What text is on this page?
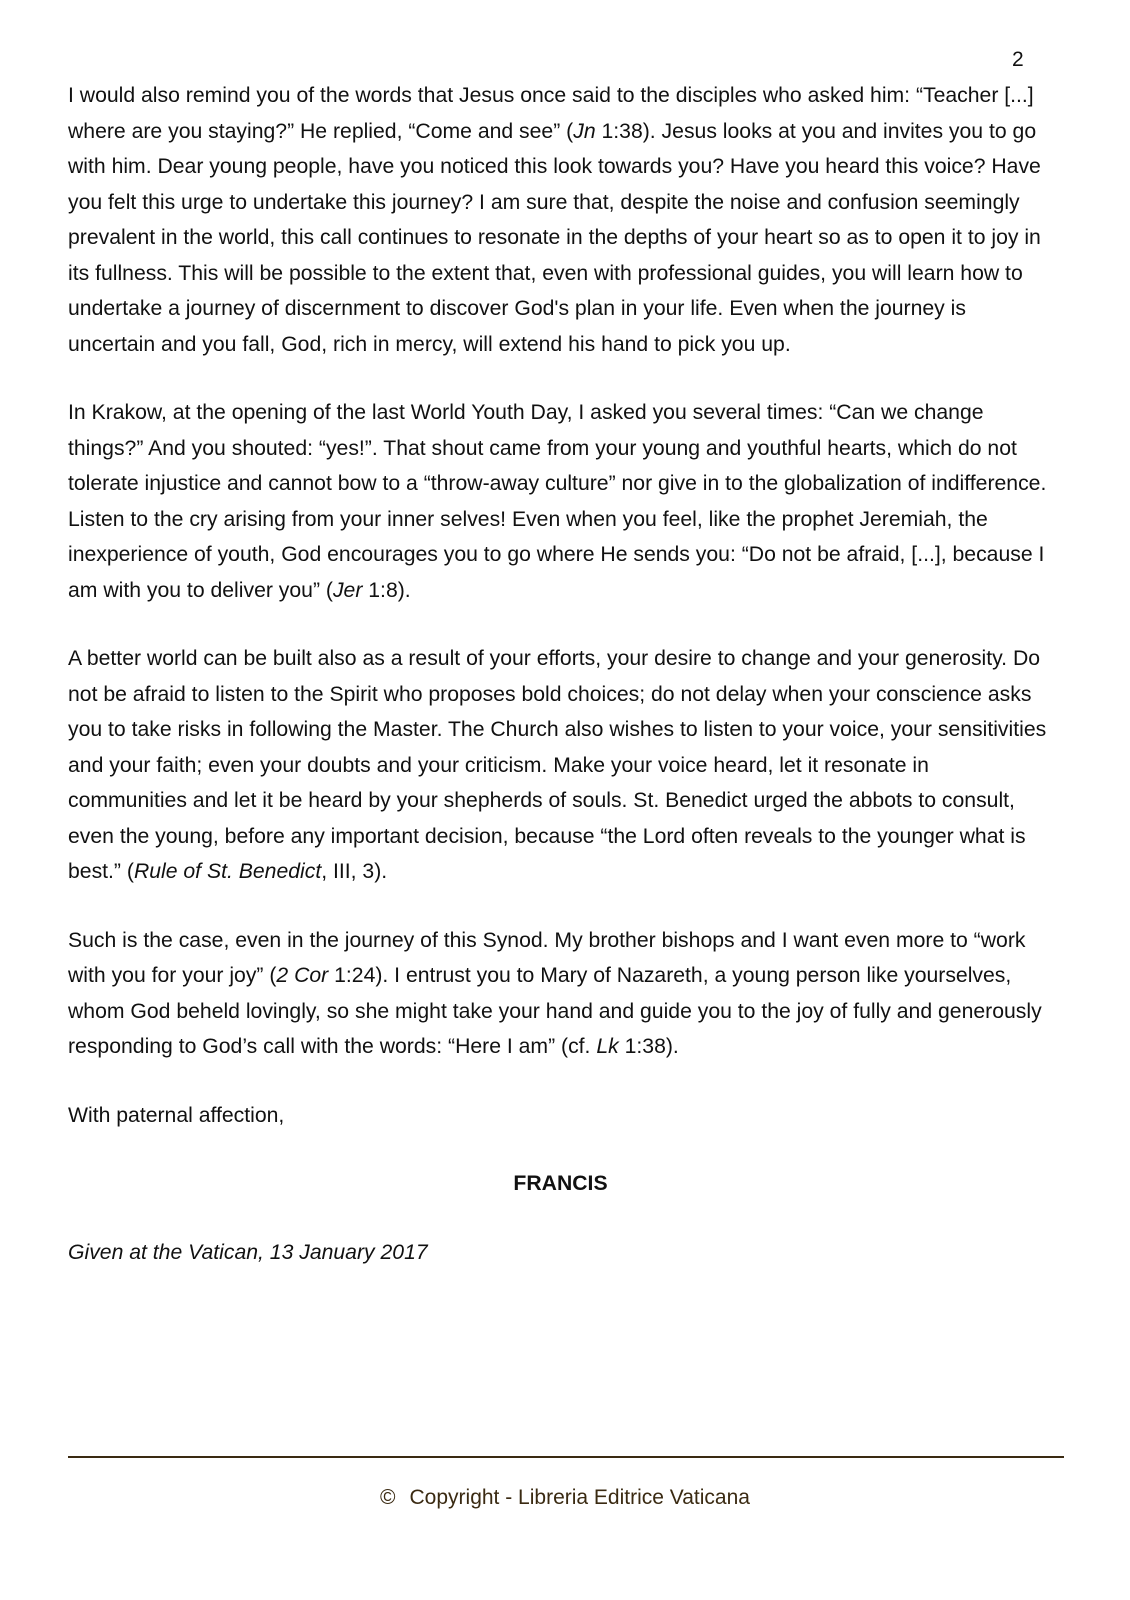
2

I would also remind you of the words that Jesus once said to the disciples who asked him: “Teacher [...] where are you staying?” He replied, “Come and see” (Jn 1:38). Jesus looks at you and invites you to go with him. Dear young people, have you noticed this look towards you? Have you heard this voice? Have you felt this urge to undertake this journey? I am sure that, despite the noise and confusion seemingly prevalent in the world, this call continues to resonate in the depths of your heart so as to open it to joy in its fullness. This will be possible to the extent that, even with professional guides, you will learn how to undertake a journey of discernment to discover God's plan in your life. Even when the journey is uncertain and you fall, God, rich in mercy, will extend his hand to pick you up.

In Krakow, at the opening of the last World Youth Day, I asked you several times: “Can we change things?” And you shouted: “yes!”. That shout came from your young and youthful hearts, which do not tolerate injustice and cannot bow to a “throw-away culture” nor give in to the globalization of indifference. Listen to the cry arising from your inner selves! Even when you feel, like the prophet Jeremiah, the inexperience of youth, God encourages you to go where He sends you: “Do not be afraid, [...], because I am with you to deliver you” (Jer 1:8).

A better world can be built also as a result of your efforts, your desire to change and your generosity. Do not be afraid to listen to the Spirit who proposes bold choices; do not delay when your conscience asks you to take risks in following the Master. The Church also wishes to listen to your voice, your sensitivities and your faith; even your doubts and your criticism. Make your voice heard, let it resonate in communities and let it be heard by your shepherds of souls. St. Benedict urged the abbots to consult, even the young, before any important decision, because “the Lord often reveals to the younger what is best.” (Rule of St. Benedict, III, 3).

Such is the case, even in the journey of this Synod. My brother bishops and I want even more to “work with you for your joy” (2 Cor 1:24). I entrust you to Mary of Nazareth, a young person like yourselves, whom God beheld lovingly, so she might take your hand and guide you to the joy of fully and generously responding to God’s call with the words: “Here I am” (cf. Lk 1:38).

With paternal affection,

FRANCIS

Given at the Vatican, 13 January 2017

© Copyright - Libreria Editrice Vaticana
